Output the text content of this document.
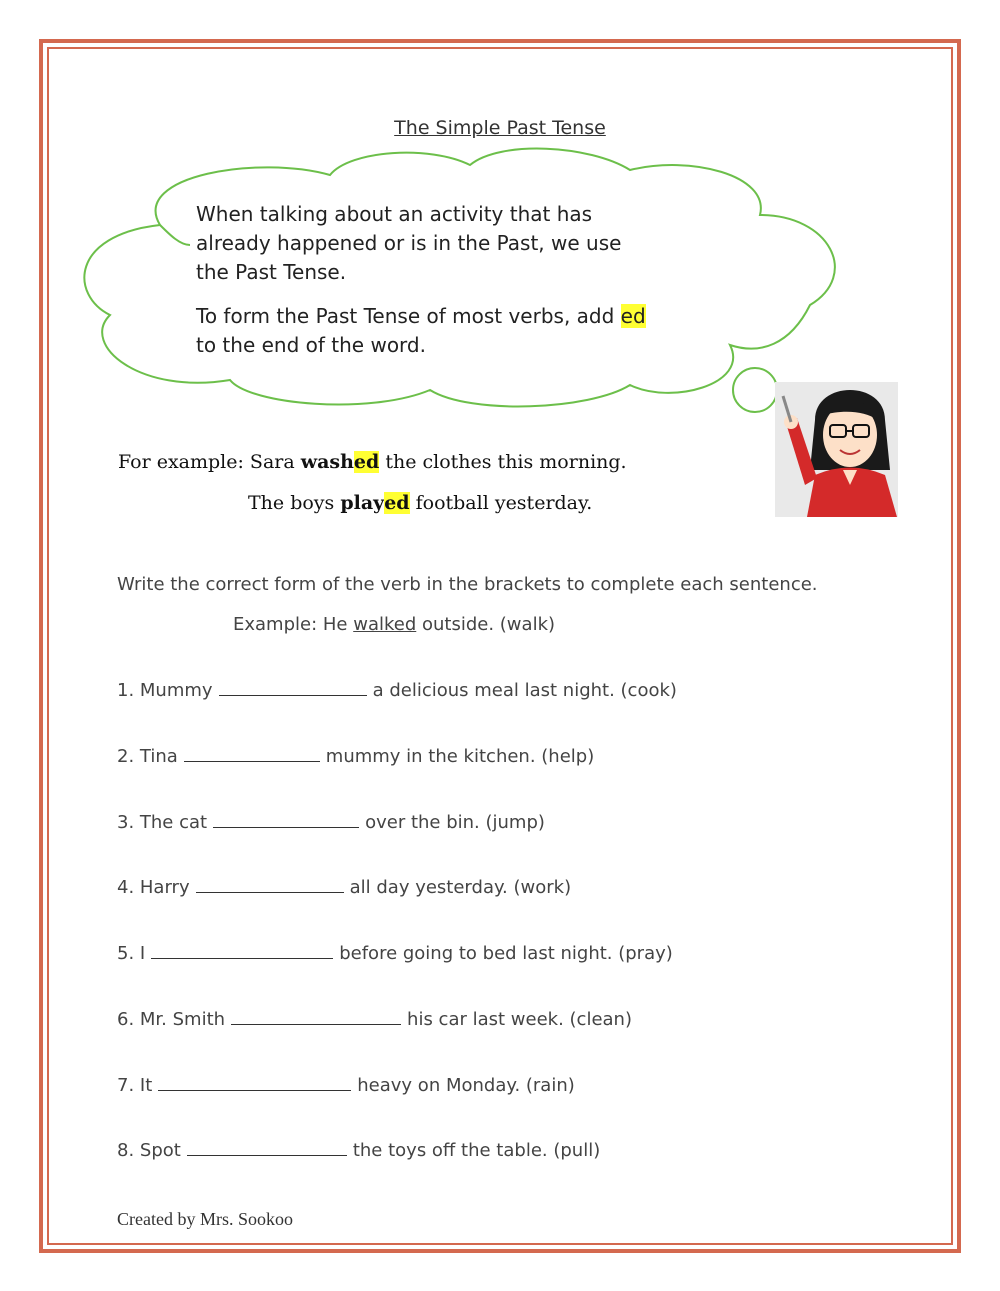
The Simple Past Tense
When talking about an activity that has
already happened or is in the Past, we use
the Past Tense.
To form the Past Tense of most verbs, add ed
to the end of the word.
For example: Sara washed the clothes this morning.
The boys played football yesterday.
Write the correct form of the verb in the brackets to complete each sentence.
Example: He walked outside. (walk)
1. Mummy	a delicious meal last night. (cook)
2. Tina	mummy in the kitchen. (help)
3. The cat	over the bin. (jump)
4. Harry	all day yesterday. (work)
5. I	before going to bed last night. (pray)
6. Mr. Smith	his car last week. (clean)
7. It	heavy on Monday. (rain)
8. Spot	the toys off the table. (pull)
Created by Mrs. Sookoo
